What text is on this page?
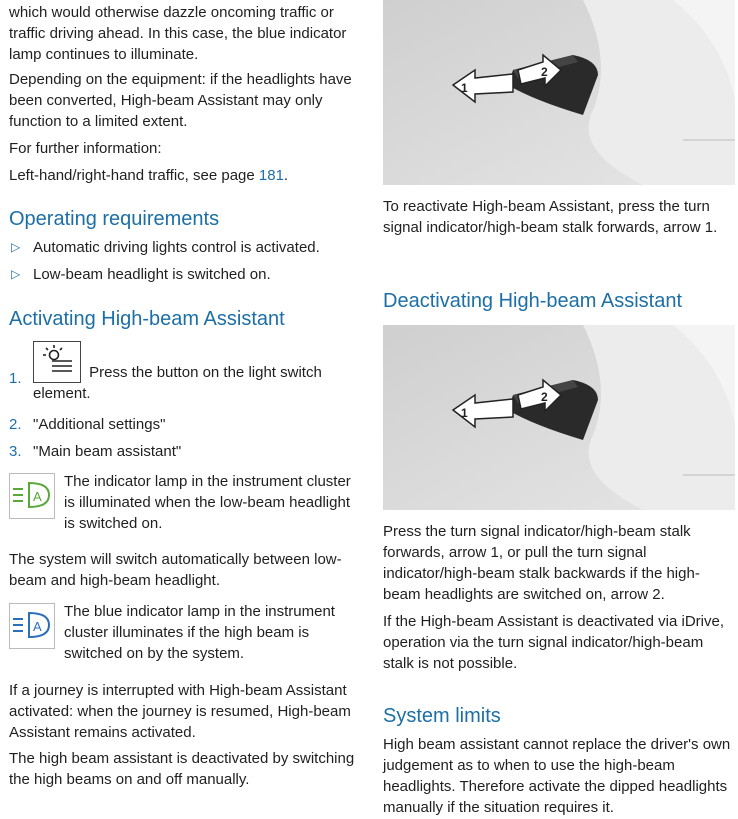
which would otherwise dazzle oncoming traffic or traffic driving ahead. In this case, the blue indicator lamp continues to illuminate.

Depending on the equipment: if the headlights have been converted, High-beam Assistant may only function to a limited extent.

For further information:

Left-hand/right-hand traffic, see page 181.

Operating requirements
▷ Automatic driving lights control is activated.
▷ Low-beam headlight is switched on.
Activating High-beam Assistant
1.	Press the button on the light switch element.
2. "Additional settings"
3. "Main beam assistant"
A

The indicator lamp in the instrument cluster is illuminated when the low-beam headlight is switched on.

The system will switch automatically between low-beam and high-beam headlight.

A

The blue indicator lamp in the instrument cluster illuminates if the high beam is switched on by the system.

If a journey is interrupted with High-beam Assistant activated: when the journey is resumed, High-beam Assistant remains activated.

The high beam assistant is deactivated by switching the high beams on and off manually.

1
2
1
2

To reactivate High-beam Assistant, press the turn signal indicator/high-beam stalk forwards, arrow 1.

Deactivating High-beam Assistant

Press the turn signal indicator/high-beam stalk forwards, arrow 1, or pull the turn signal indicator/high-beam stalk backwards if the high-beam headlights are switched on, arrow 2.

If the High-beam Assistant is deactivated via iDrive, operation via the turn signal indicator/high-beam stalk is not possible.

System limits

High beam assistant cannot replace the driver's own judgement as to when to use the high-beam headlights. Therefore activate the dipped headlights manually if the situation requires it.
